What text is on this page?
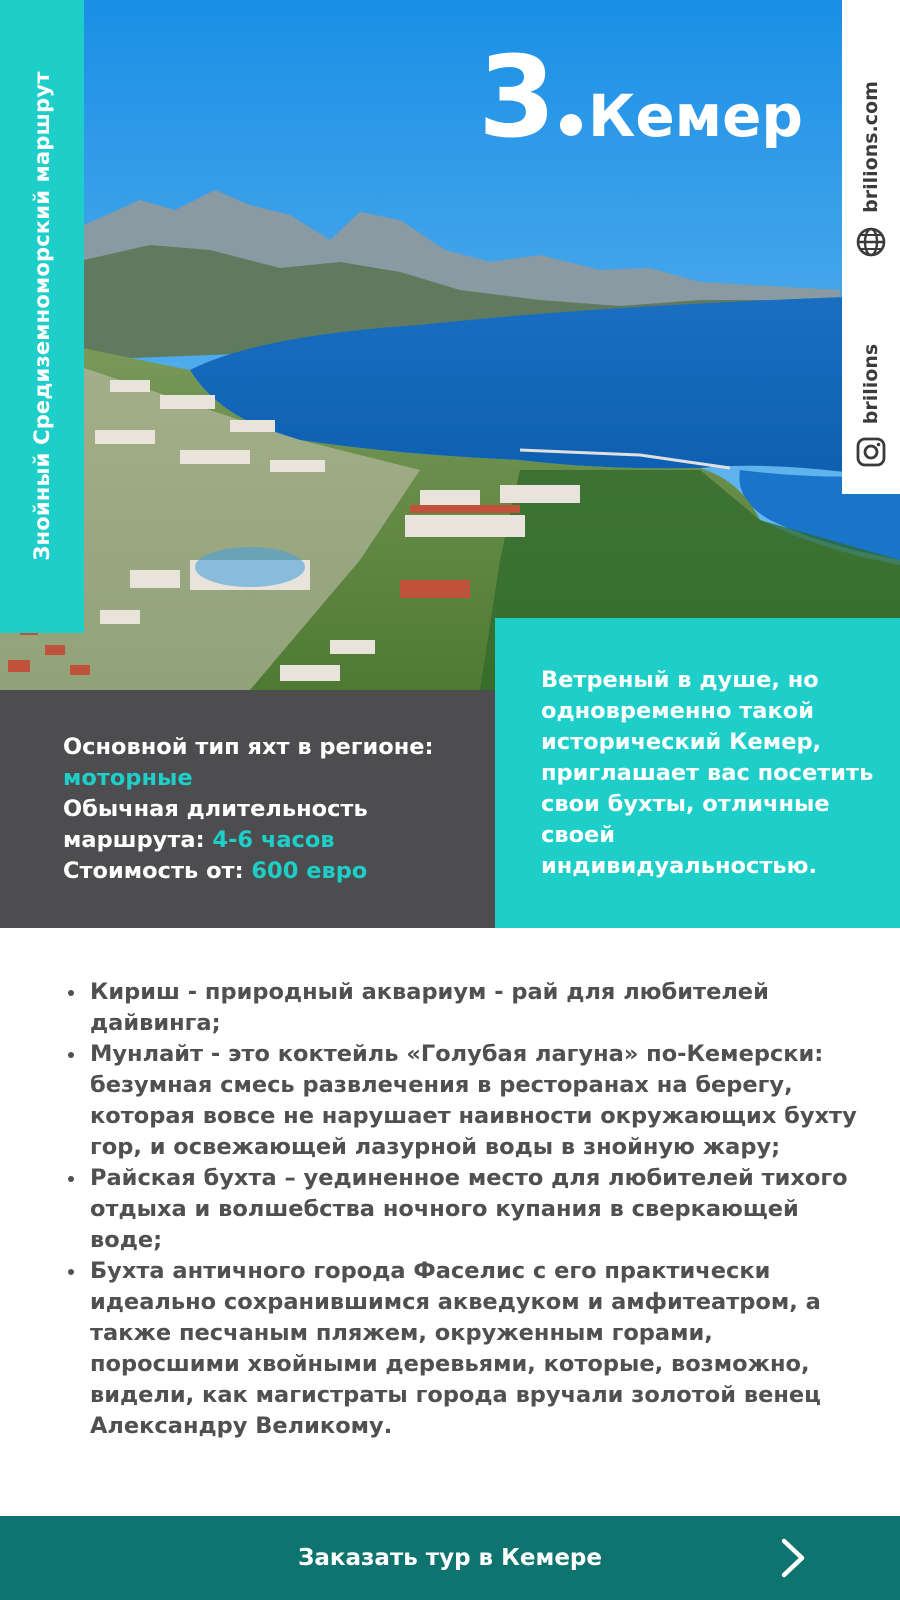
Знойный Средиземноморский маршрут	3 Кемер	brilions.com
brilions
Основной тип яхт в регионе: моторные
Обычная длительность маршрута: 4-6 часов
Стоимость от: 600 евро
Ветреный в душе, но одновременно такой исторический Кемер, приглашает вас посетить свои бухты, отличные своей индивидуальностью.
Кириш - природный аквариум - рай для любителей дайвинга;
Мунлайт - это коктейль «Голубая лагуна» по-Кемерски: безумная смесь развлечения в ресторанах на берегу, которая вовсе не нарушает наивности окружающих бухту гор, и освежающей лазурной воды в знойную жару;
Райская бухта – уединенное место для любителей тихого отдыха и волшебства ночного купания в сверкающей воде;
Бухта античного города Фаселис с его практически идеально сохранившимся акведуком и амфитеатром, а также песчаным пляжем, окруженным горами, поросшими хвойными деревьями, которые, возможно, видели, как магистраты города вручали золотой венец Александру Великому.
Заказать тур в Кемере
